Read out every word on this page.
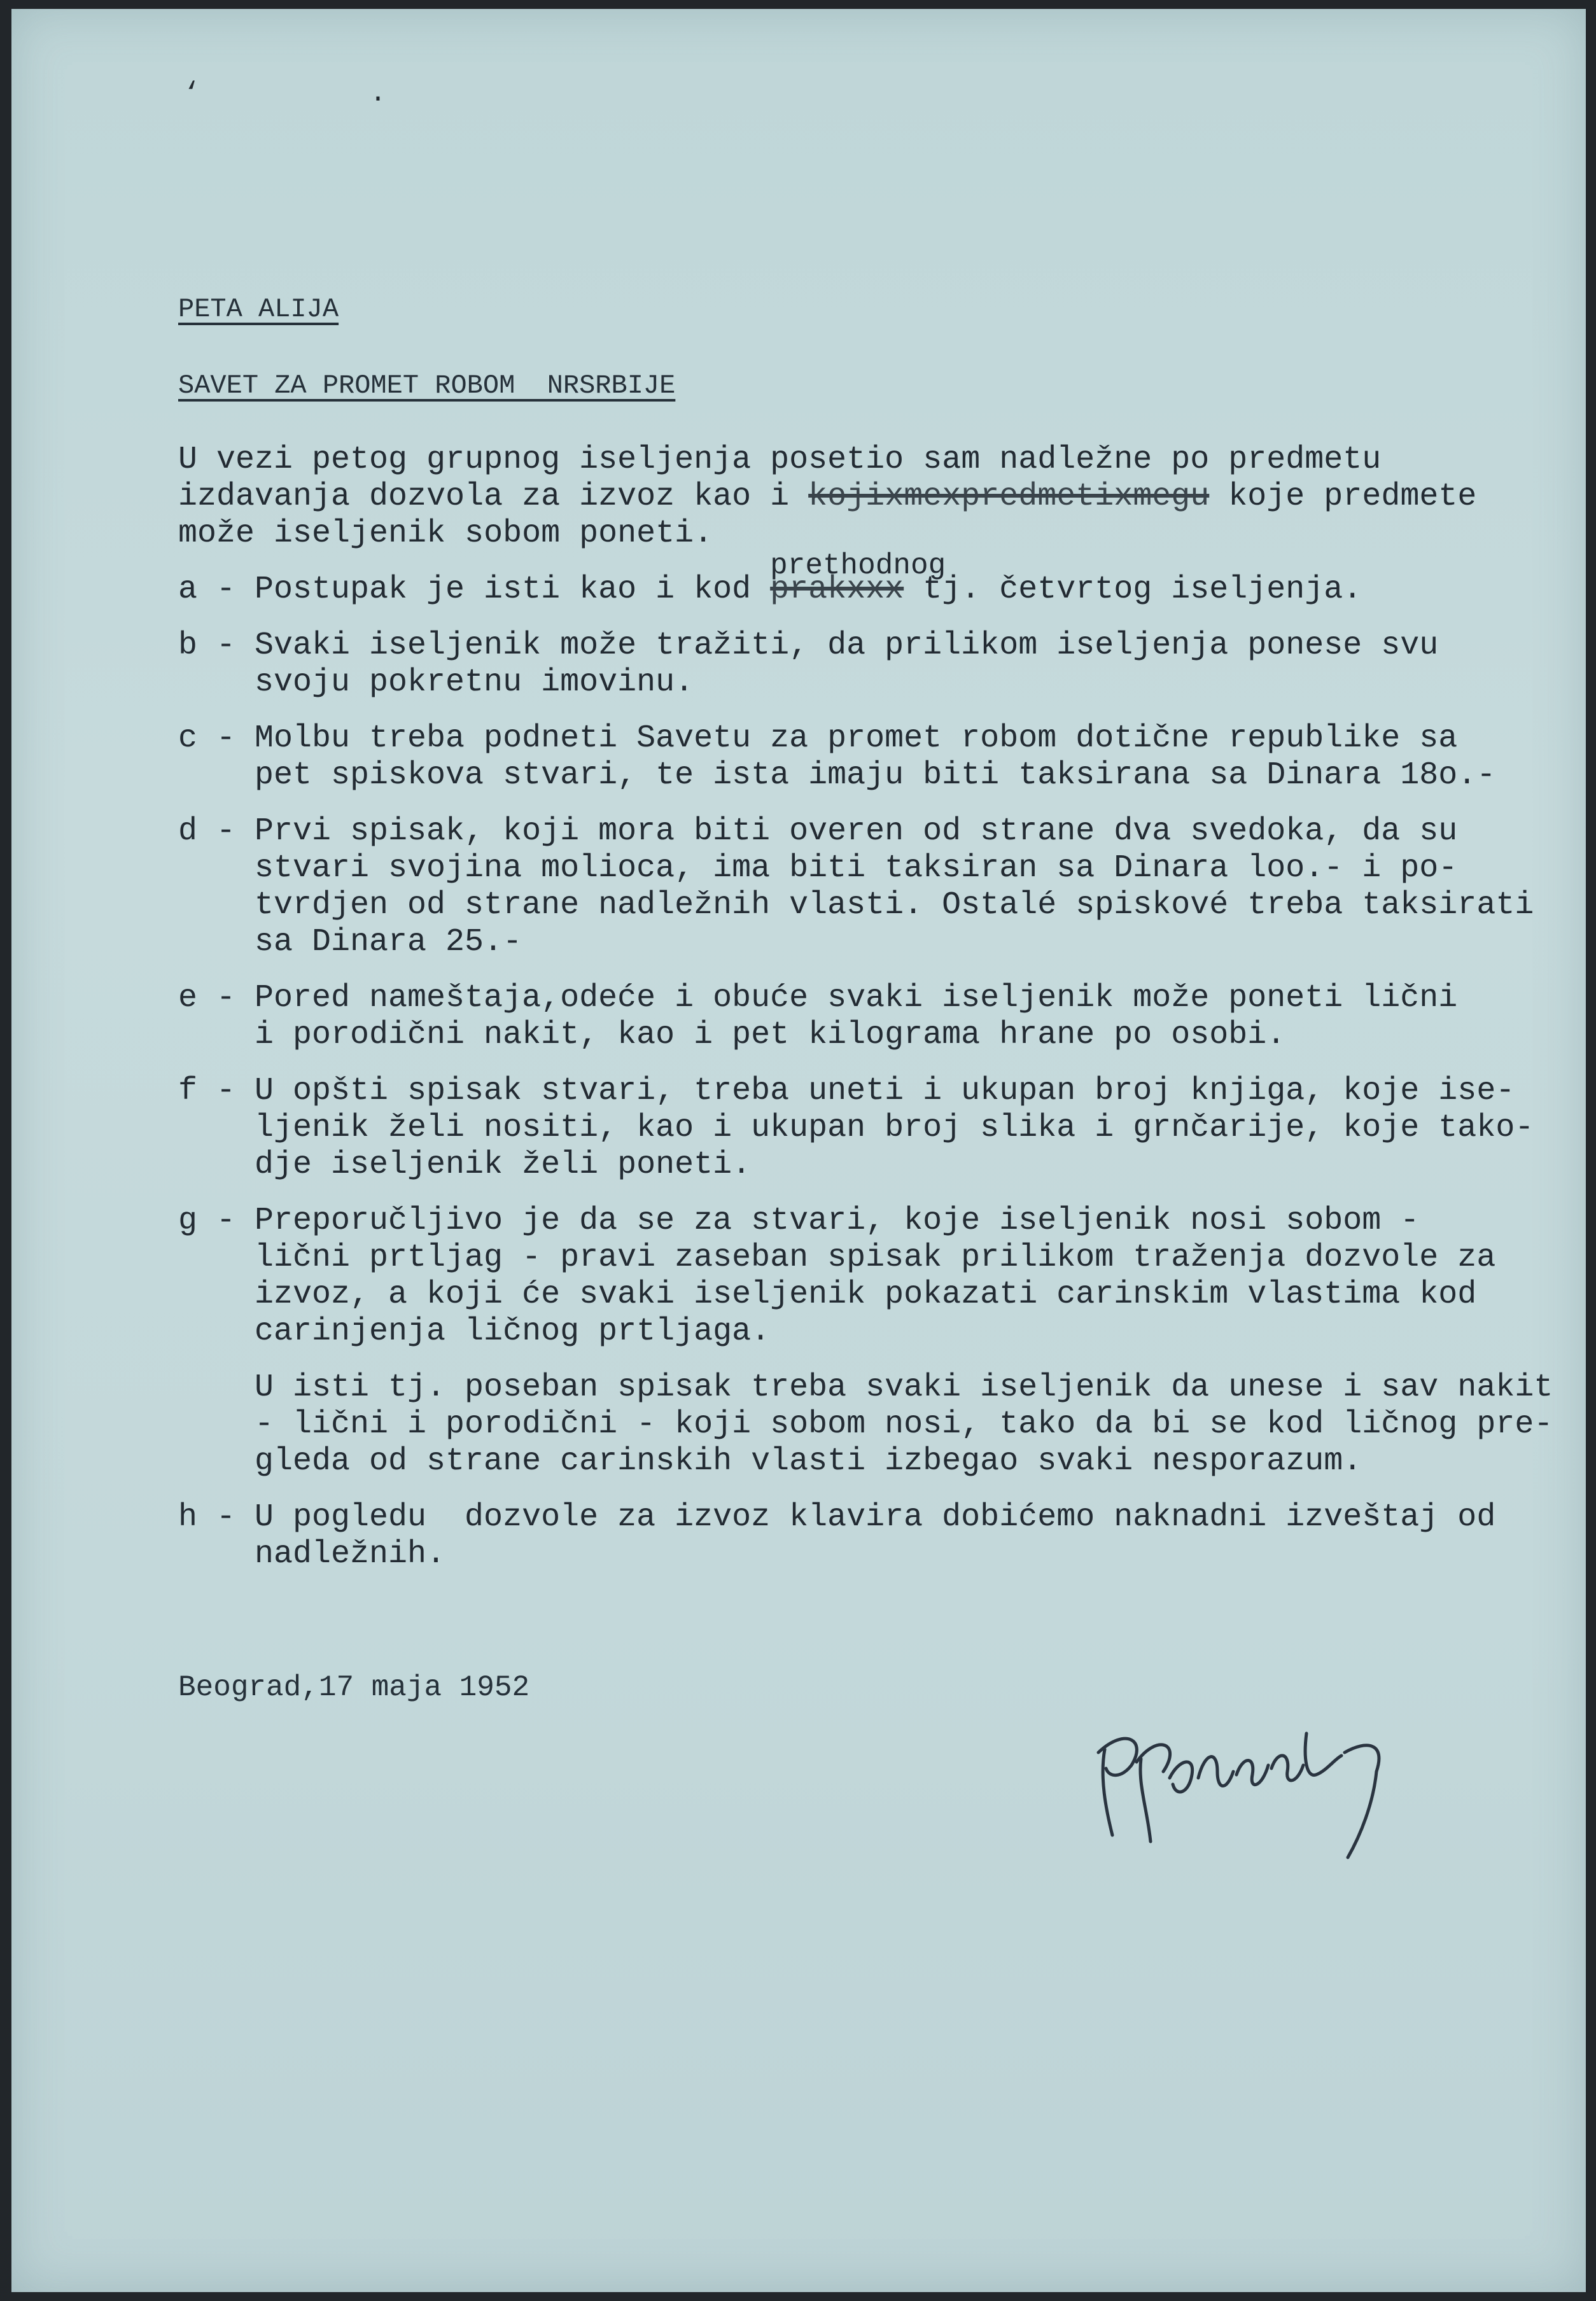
‘ .
PETA ALIJA
SAVET ZA PROMET ROBOM  NRSRBIJE
U vezi petog grupnog iseljenja posetio sam nadležne po predmetu
izdavanja dozvola za izvoz kao i kojixmexpredmetixmegu koje predmete
može iseljenik sobom poneti.
a - Postupak je isti kao i kod
prethodnog
prakxxx tj. četvrtog iseljenja.
b - Svaki iseljenik može tražiti, da prilikom iseljenja ponese svu
svoju pokretnu imovinu.
c - Molbu treba podneti Savetu za promet robom dotične republike sa
pet spiskova stvari, te ista imaju biti taksirana sa Dinara 18o.-
d - Prvi spisak, koji mora biti overen od strane dva svedoka, da su
stvari svojina molioca, ima biti taksiran sa Dinara loo.- i po-
tvrdjen od strane nadležnih vlasti. Ostalé spiskové treba taksirati
sa Dinara 25.-
e - Pored nameštaja,odeće i obuće svaki iseljenik može poneti lični
i porodični nakit, kao i pet kilograma hrane po osobi.
f - U opšti spisak stvari, treba uneti i ukupan broj knjiga, koje ise-
ljenik želi nositi, kao i ukupan broj slika i grnčarije, koje tako-
dje iseljenik želi poneti.
g - Preporučljivo je da se za stvari, koje iseljenik nosi sobom -
lični prtljag - pravi zaseban spisak prilikom traženja dozvole za
izvoz, a koji će svaki iseljenik pokazati carinskim vlastima kod
carinjenja ličnog prtljaga.
U isti tj. poseban spisak treba svaki iseljenik da unese i sav nakit
- lični i porodični - koji sobom nosi, tako da bi se kod ličnog pre-
gleda od strane carinskih vlasti izbegao svaki nesporazum.
h - U pogledu  dozvole za izvoz klavira dobićemo naknadni izveštaj od
nadležnih.
Beograd,17 maja 1952
